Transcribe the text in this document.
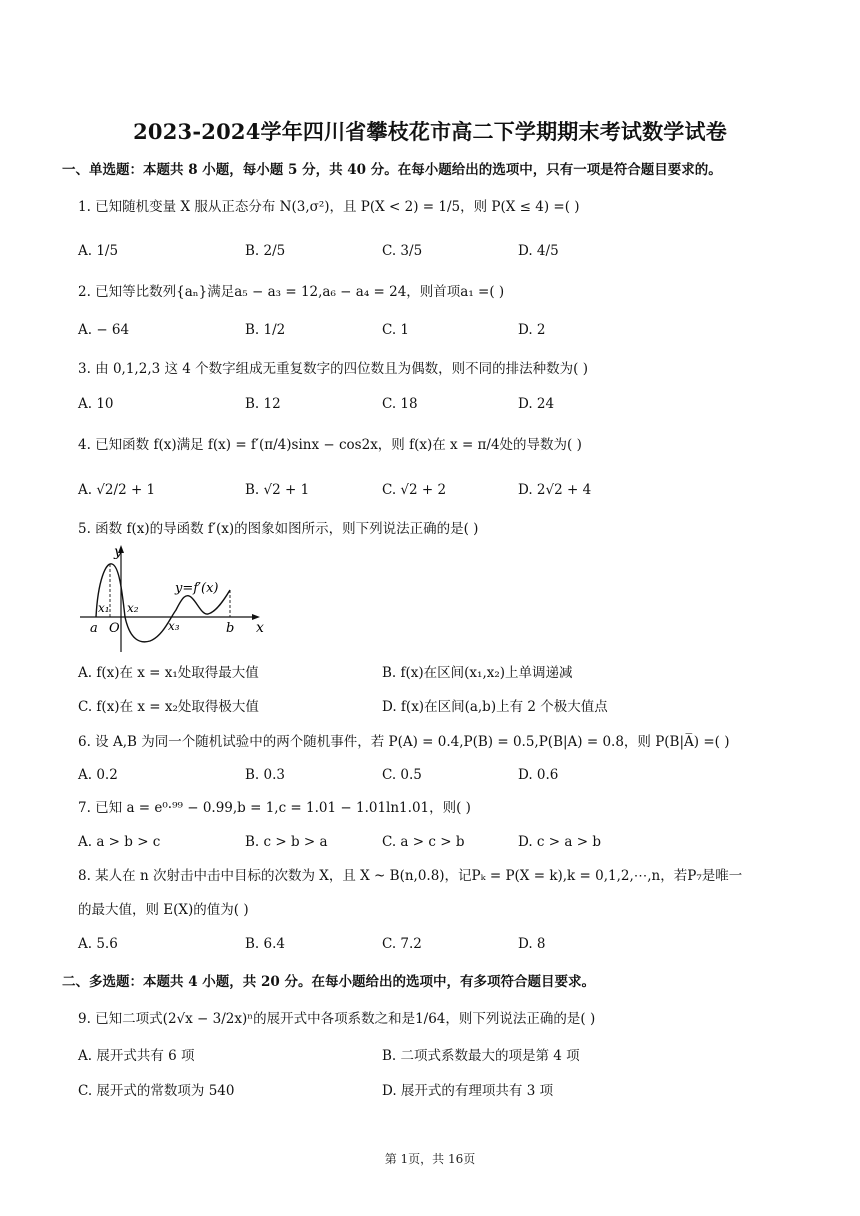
2023-2024学年四川省攀枝花市高二下学期期末考试数学试卷
一、单选题：本题共 8 小题，每小题 5 分，共 40 分。在每小题给出的选项中，只有一项是符合题目要求的。
1. 已知随机变量 X 服从正态分布 N(3,σ²)，且 P(X < 2) = 1/5，则 P(X ≤ 4) =( )
A. 1/5	B. 2/5	C. 3/5	D. 4/5
2. 已知等比数列{aₙ}满足a₅ − a₃ = 12,a₆ − a₄ = 24，则首项a₁ =( )
A. − 64	B. 1/2	C. 1	D. 2
3. 由 0,1,2,3 这 4 个数字组成无重复数字的四位数且为偶数，则不同的排法种数为( )
A. 10	B. 12	C. 18	D. 24
4. 已知函数 f(x)满足 f(x) = f′(π/4)sinx − cos2x，则 f(x)在 x = π/4处的导数为( )
A. √2/2 + 1	B. √2 + 1	C. √2 + 2	D. 2√2 + 4
5. 函数 f(x)的导函数 f′(x)的图象如图所示，则下列说法正确的是( )
y
x
y=f′(x)
x₁ x₂
x₃
a O	b
A. f(x)在 x = x₁处取得最大值	B. f(x)在区间(x₁,x₂)上单调递减
C. f(x)在 x = x₂处取得极大值	D. f(x)在区间(a,b)上有 2 个极大值点
6. 设 A,B 为同一个随机试验中的两个随机事件，若 P(A) = 0.4,P(B) = 0.5,P(B|A) = 0.8，则 P(B|A̅) =( )
A. 0.2	B. 0.3	C. 0.5	D. 0.6
7. 已知 a = e⁰·⁹⁹ − 0.99,b = 1,c = 1.01 − 1.01ln1.01，则( )
A. a > b > c	B. c > b > a	C. a > c > b	D. c > a > b
8. 某人在 n 次射击中击中目标的次数为 X，且 X ~ B(n,0.8)，记Pₖ = P(X = k),k = 0,1,2,⋯,n，若P₇是唯一
的最大值，则 E(X)的值为( )
A. 5.6	B. 6.4	C. 7.2	D. 8
二、多选题：本题共 4 小题，共 20 分。在每小题给出的选项中，有多项符合题目要求。
9. 已知二项式(2√x − 3/2x)ⁿ的展开式中各项系数之和是1/64，则下列说法正确的是( )
A. 展开式共有 6 项	B. 二项式系数最大的项是第 4 项
C. 展开式的常数项为 540	D. 展开式的有理项共有 3 项
第 1页，共 16页
